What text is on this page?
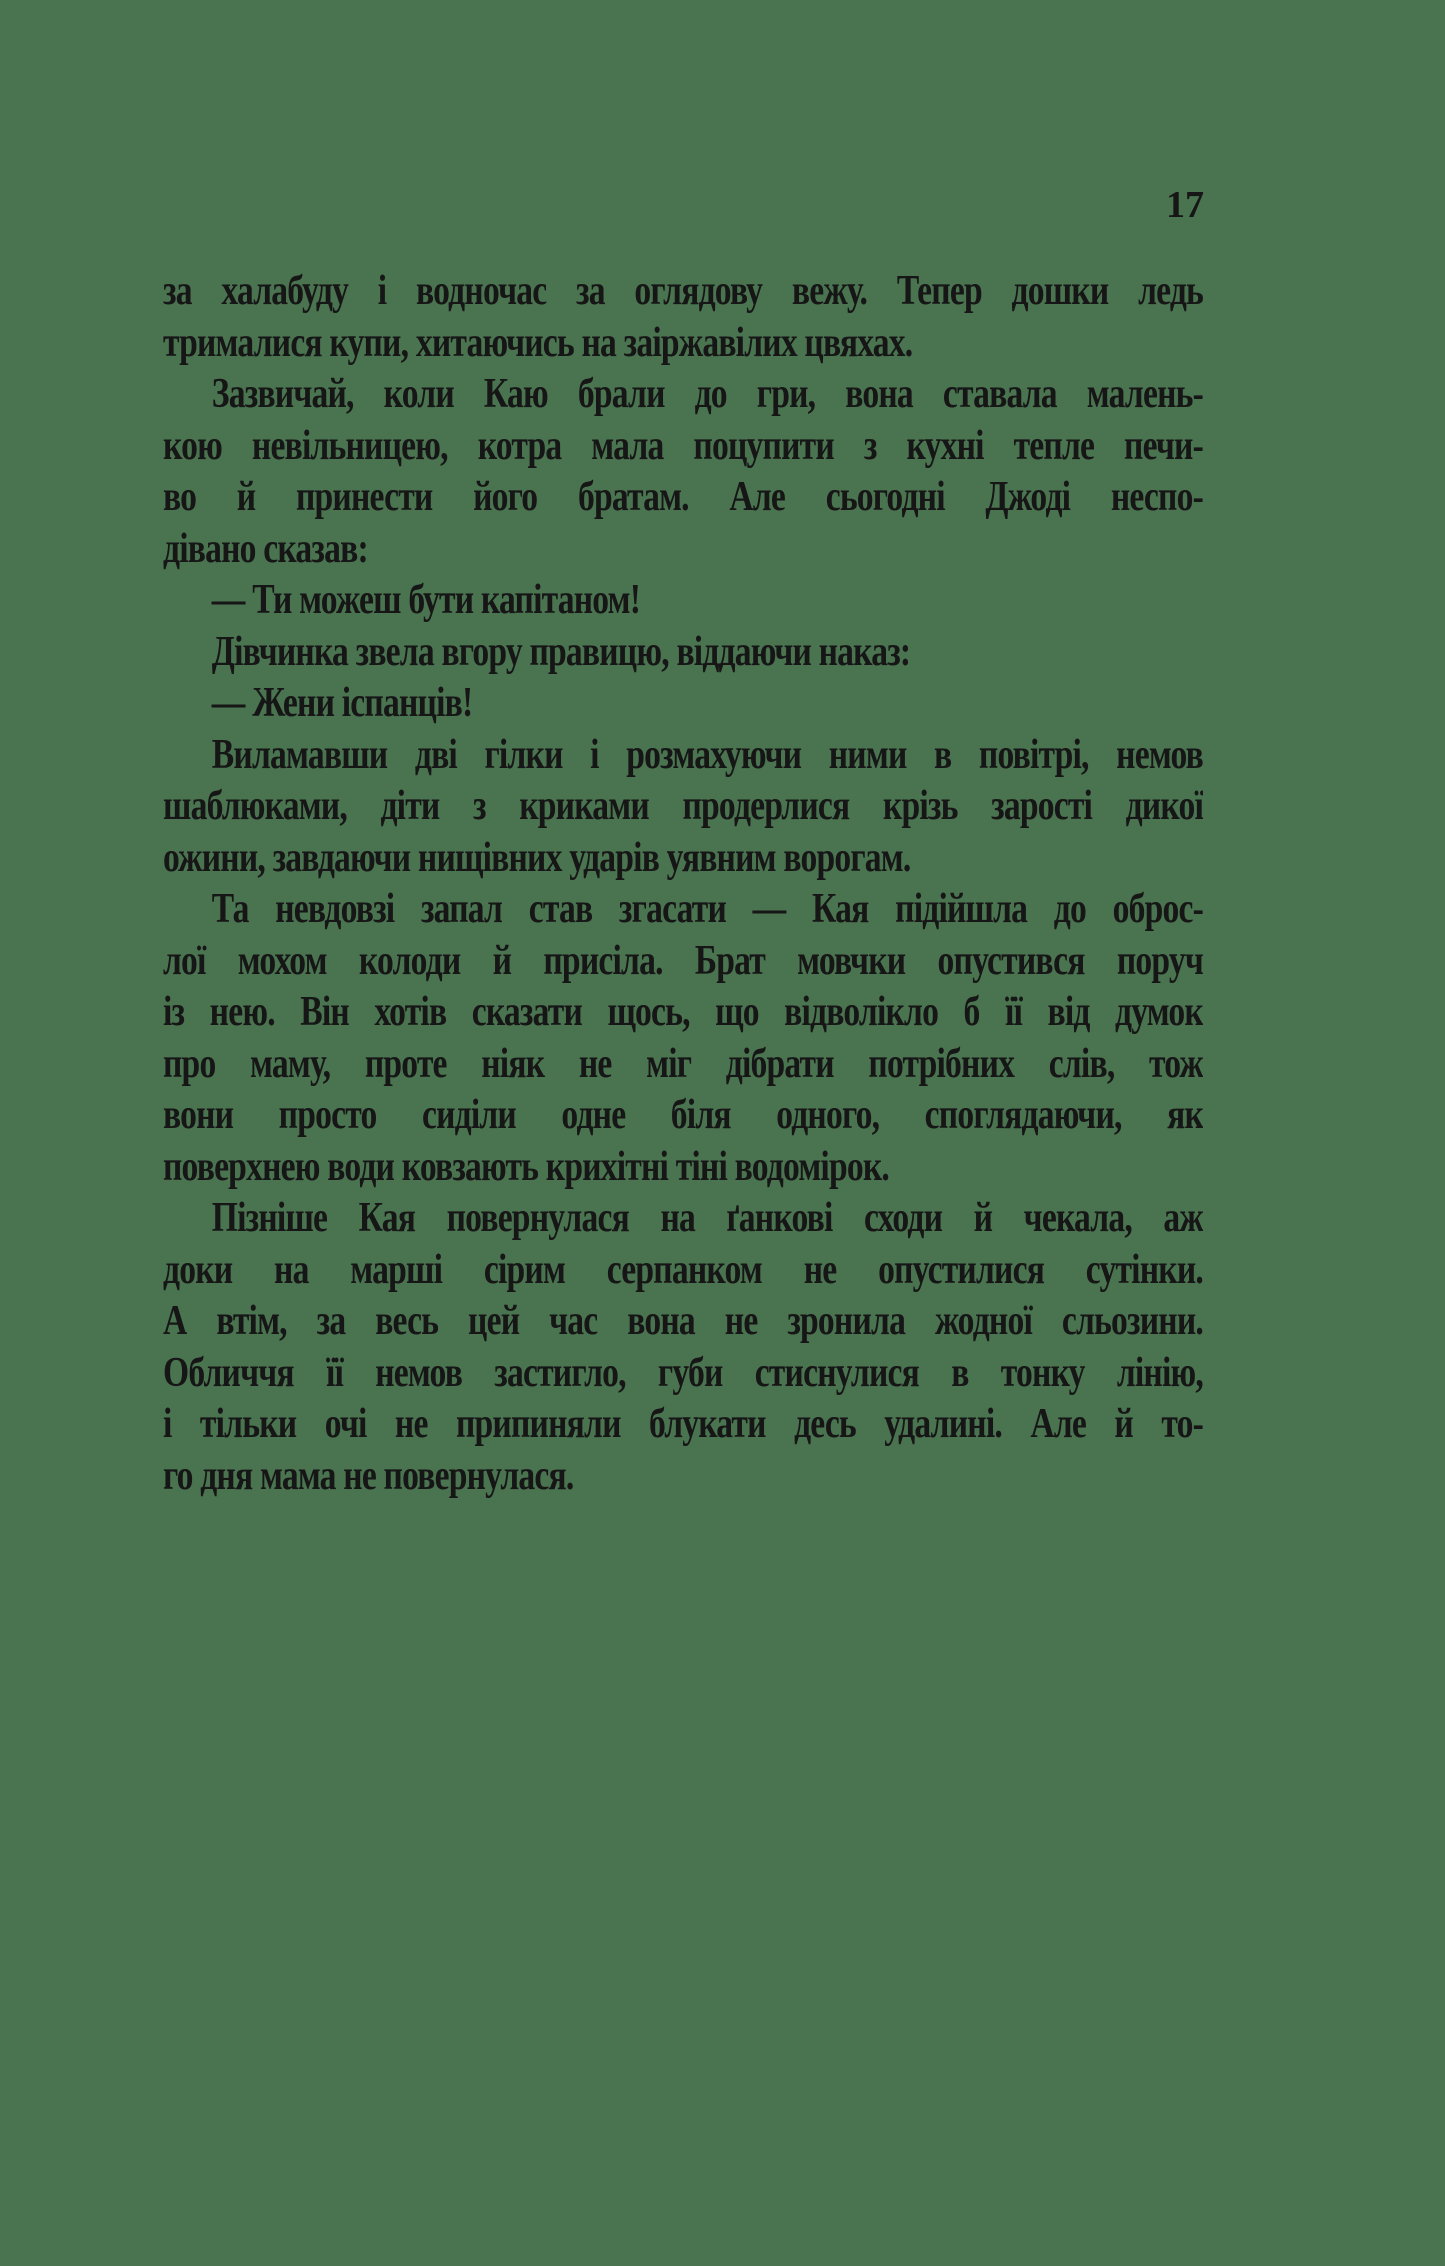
17
за халабуду і водночас за оглядову вежу. Тепер дошки ледь
трималися купи, хитаючись на заіржавілих цвяхах.
Зазвичай, коли Каю брали до гри, вона ставала малень-
кою невільницею, котра мала поцупити з кухні тепле печи-
во й принести його братам. Але сьогодні Джоді неспо-
дівано сказав:
— Ти можеш бути капітаном!
Дівчинка звела вгору правицю, віддаючи наказ:
— Жени іспанців!
Виламавши дві гілки і розмахуючи ними в повітрі, немов
шаблюками, діти з криками продерлися крізь зарості дикої
ожини, завдаючи нищівних ударів уявним ворогам.
Та невдовзі запал став згасати — Кая підійшла до оброс-
лої мохом колоди й присіла. Брат мовчки опустився поруч
із нею. Він хотів сказати щось, що відволікло б її від думок
про маму, проте ніяк не міг дібрати потрібних слів, тож
вони просто сиділи одне біля одного, споглядаючи, як
поверхнею води ковзають крихітні тіні водомірок.
Пізніше Кая повернулася на ґанкові сходи й чекала, аж
доки на марші сірим серпанком не опустилися сутінки.
А втім, за весь цей час вона не зронила жодної сльозини.
Обличчя її немов застигло, губи стиснулися в тонку лінію,
і тільки очі не припиняли блукати десь удалині. Але й то-
го дня мама не повернулася.
